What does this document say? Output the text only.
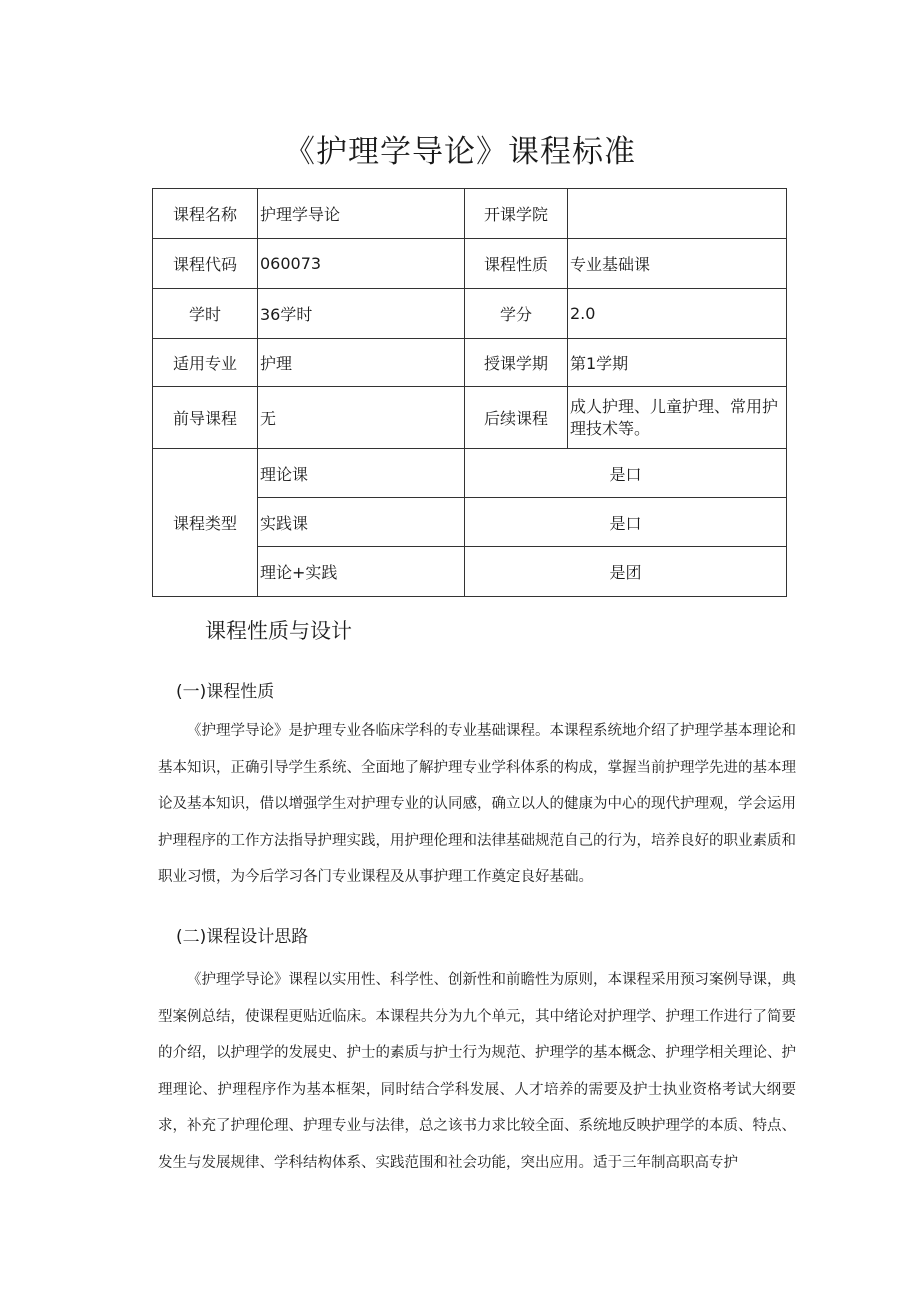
《护理学导论》课程标准
课程名称	护理学导论	开课学院	
课程代码	060073	课程性质	专业基础课
学时	36学时	学分	2.0
适用专业	护理	授课学期	第1学期
前导课程	无	后续课程	成人护理、儿童护理、常用护理技术等。
课程类型	理论课	是口	
	实践课	是口	
	理论+实践	是团	
课程性质与设计
(一)课程性质

《护理学导论》是护理专业各临床学科的专业基础课程。本课程系统地介绍了护理学基本理论和基本知识，正确引导学生系统、全面地了解护理专业学科体系的构成，掌握当前护理学先进的基本理论及基本知识，借以增强学生对护理专业的认同感，确立以人的健康为中心的现代护理观，学会运用护理程序的工作方法指导护理实践，用护理伦理和法律基础规范自己的行为，培养良好的职业素质和职业习惯，为今后学习各门专业课程及从事护理工作奠定良好基础。

(二)课程设计思路

《护理学导论》课程以实用性、科学性、创新性和前瞻性为原则，本课程采用预习案例导课，典型案例总结，使课程更贴近临床。本课程共分为九个单元，其中绪论对护理学、护理工作进行了简要的介绍，以护理学的发展史、护士的素质与护士行为规范、护理学的基本概念、护理学相关理论、护理理论、护理程序作为基本框架，同时结合学科发展、人才培养的需要及护士执业资格考试大纲要求，补充了护理伦理、护理专业与法律，总之该书力求比较全面、系统地反映护理学的本质、特点、发生与发展规律、学科结构体系、实践范围和社会功能，突出应用。适于三年制高职高专护
